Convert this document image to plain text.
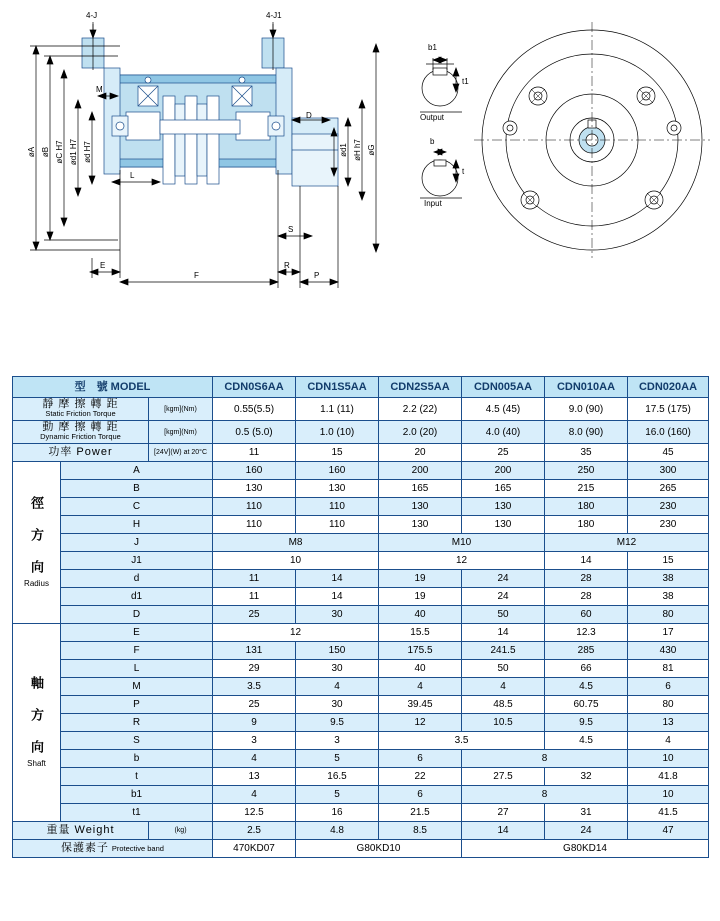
4-J	4-J1
øA øB øC H7 ød1 H7 ød H7	øG
øH h7
ød1
M
L
D
E
F
R
P
S
b1
t1
Output
b
t
Input
型　號 MODEL			CDN0S6AA	CDN1S5AA	CDN2S5AA	CDN005AA	CDN010AA	CDN020AA

靜 摩 擦 轉 距
Static Friction Torque		[kgm](Nm)	0.55(5.5)	1.1 (11)	2.2 (22)	4.5 (45)	9.0 (90)	17.5 (175)

動 摩 擦 轉 距
Dynamic Friction Torque		[kgm](Nm)	0.5 (5.0)	1.0 (10)	2.0 (20)	4.0 (40)	8.0 (90)	16.0 (160)
功率 Power		[24V](W) at 20°C	11	15	20	25	35	45

徑 方 向
Radius	A		160	160	200	200	250	300
	B		130	130	165	165	215	265
	C		110	110	130	130	180	230
	H		110	110	130	130	180	230
	J		M8		M10		M12	
	J1		10		12		14	15
	d		11	14	19	24	28	38
	d1		11	14	19	24	28	38
	D		25	30	40	50	60	80

軸 方 向
Shaft	E		12		15.5	14	12.3	17
	F		131	150	175.5	241.5	285	430
	L		29	30	40	50	66	81
	M		3.5	4	4	4	4.5	6
	P		25	30	39.45	48.5	60.75	80
	R		9	9.5	12	10.5	9.5	13
	S		3	3	3.5		4.5	4
	b		4	5	6	8		10
	t		13	16.5	22	27.5	32	41.8
	b1		4	5	6	8		10
	t1		12.5	16	21.5	27	31	41.5
重量 Weight		(kg)	2.5	4.8	8.5	14	24	47
保護素子 Protective band			470KD07	G80KD10		G80KD14		
